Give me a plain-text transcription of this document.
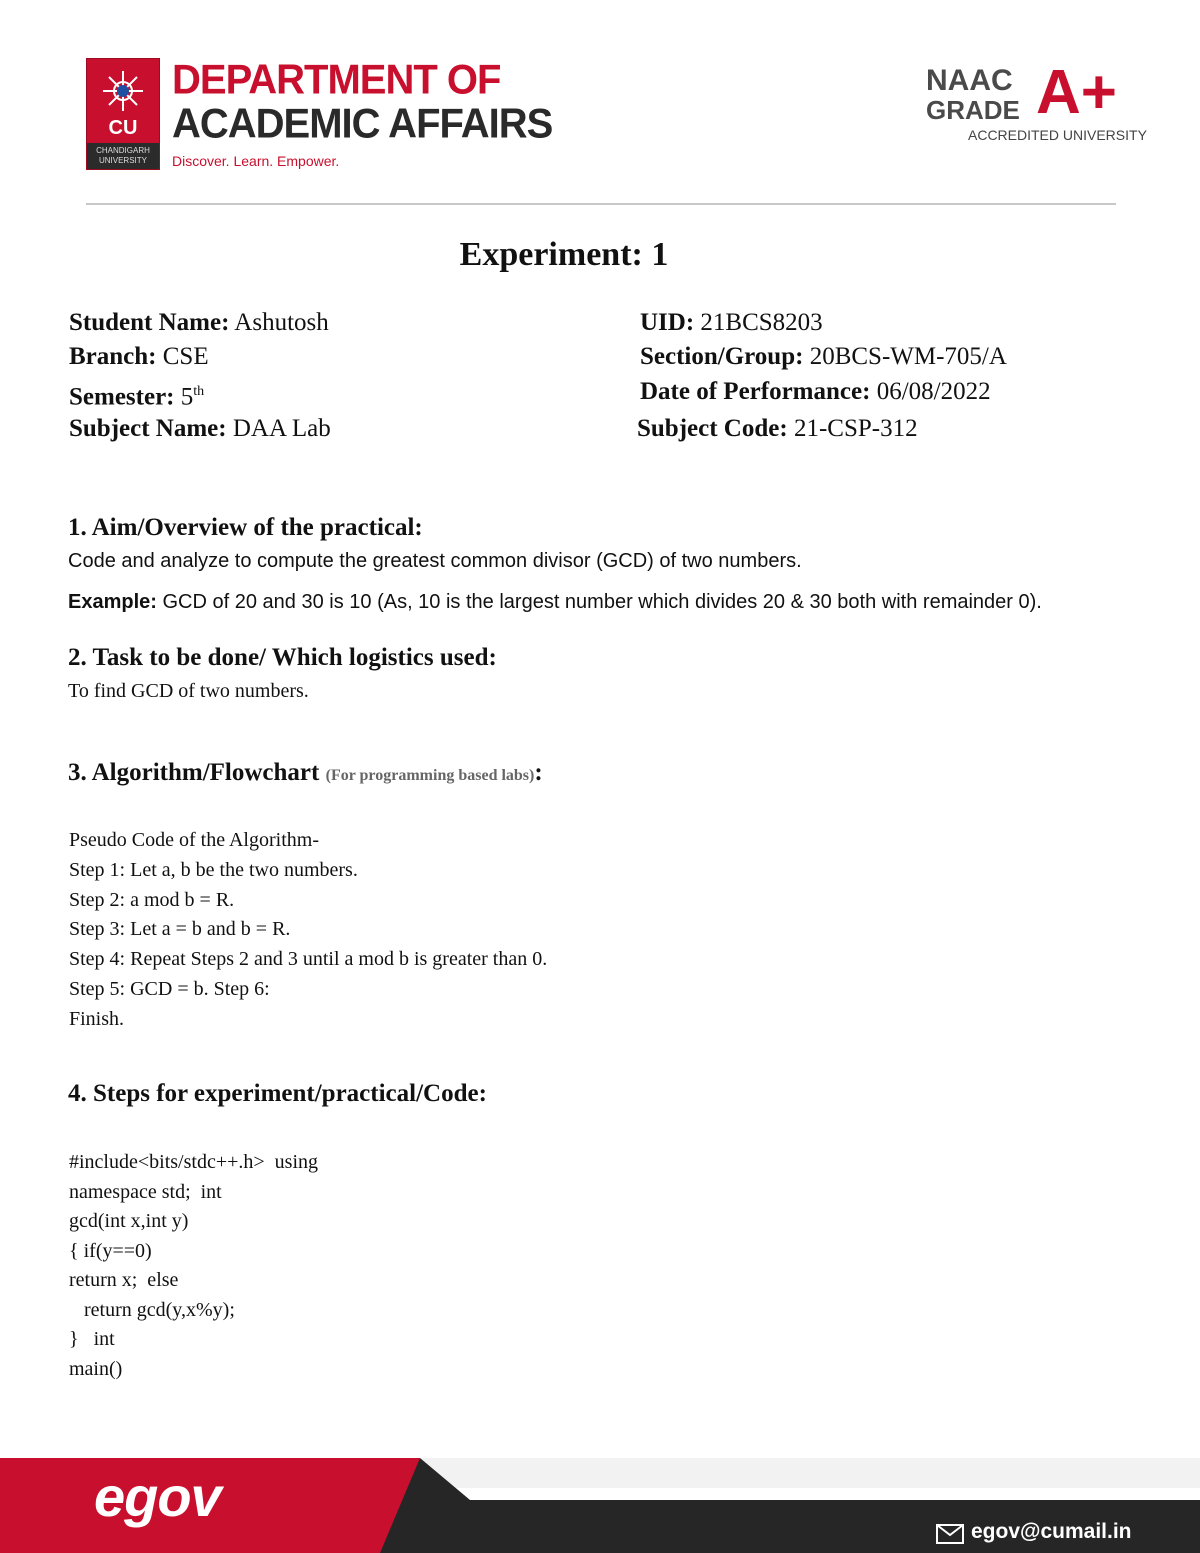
CU
CHANDIGARH
UNIVERSITY
DEPARTMENT OF
ACADEMIC AFFAIRS
Discover. Learn. Empower.
NAAC
GRADE A+
ACCREDITED UNIVERSITY
Experiment: 1
Student Name: Ashutosh	UID: 21BCS8203
Branch: CSE	Section/Group: 20BCS-WM-705/A
Semester: 5th	Date of Performance: 06/08/2022
Subject Name: DAA Lab	Subject Code: 21-CSP-312
1. Aim/Overview of the practical:
Code and analyze to compute the greatest common divisor (GCD) of two numbers.
Example: GCD of 20 and 30 is 10 (As, 10 is the largest number which divides 20 & 30 both with remainder 0).
2. Task to be done/ Which logistics used:
To find GCD of two numbers.
3. Algorithm/Flowchart (For programming based labs):
Pseudo Code of the Algorithm-
Step 1: Let a, b be the two numbers.
Step 2: a mod b = R.
Step 3: Let a = b and b = R.
Step 4: Repeat Steps 2 and 3 until a mod b is greater than 0.
Step 5: GCD = b. Step 6:
Finish.
4. Steps for experiment/practical/Code:
#include<bits/stdc++.h>  using
namespace std;  int
gcd(int x,int y)
{ if(y==0)
return x;  else
return gcd(y,x%y);
}   int
main()
egov
egov@cumail.in
